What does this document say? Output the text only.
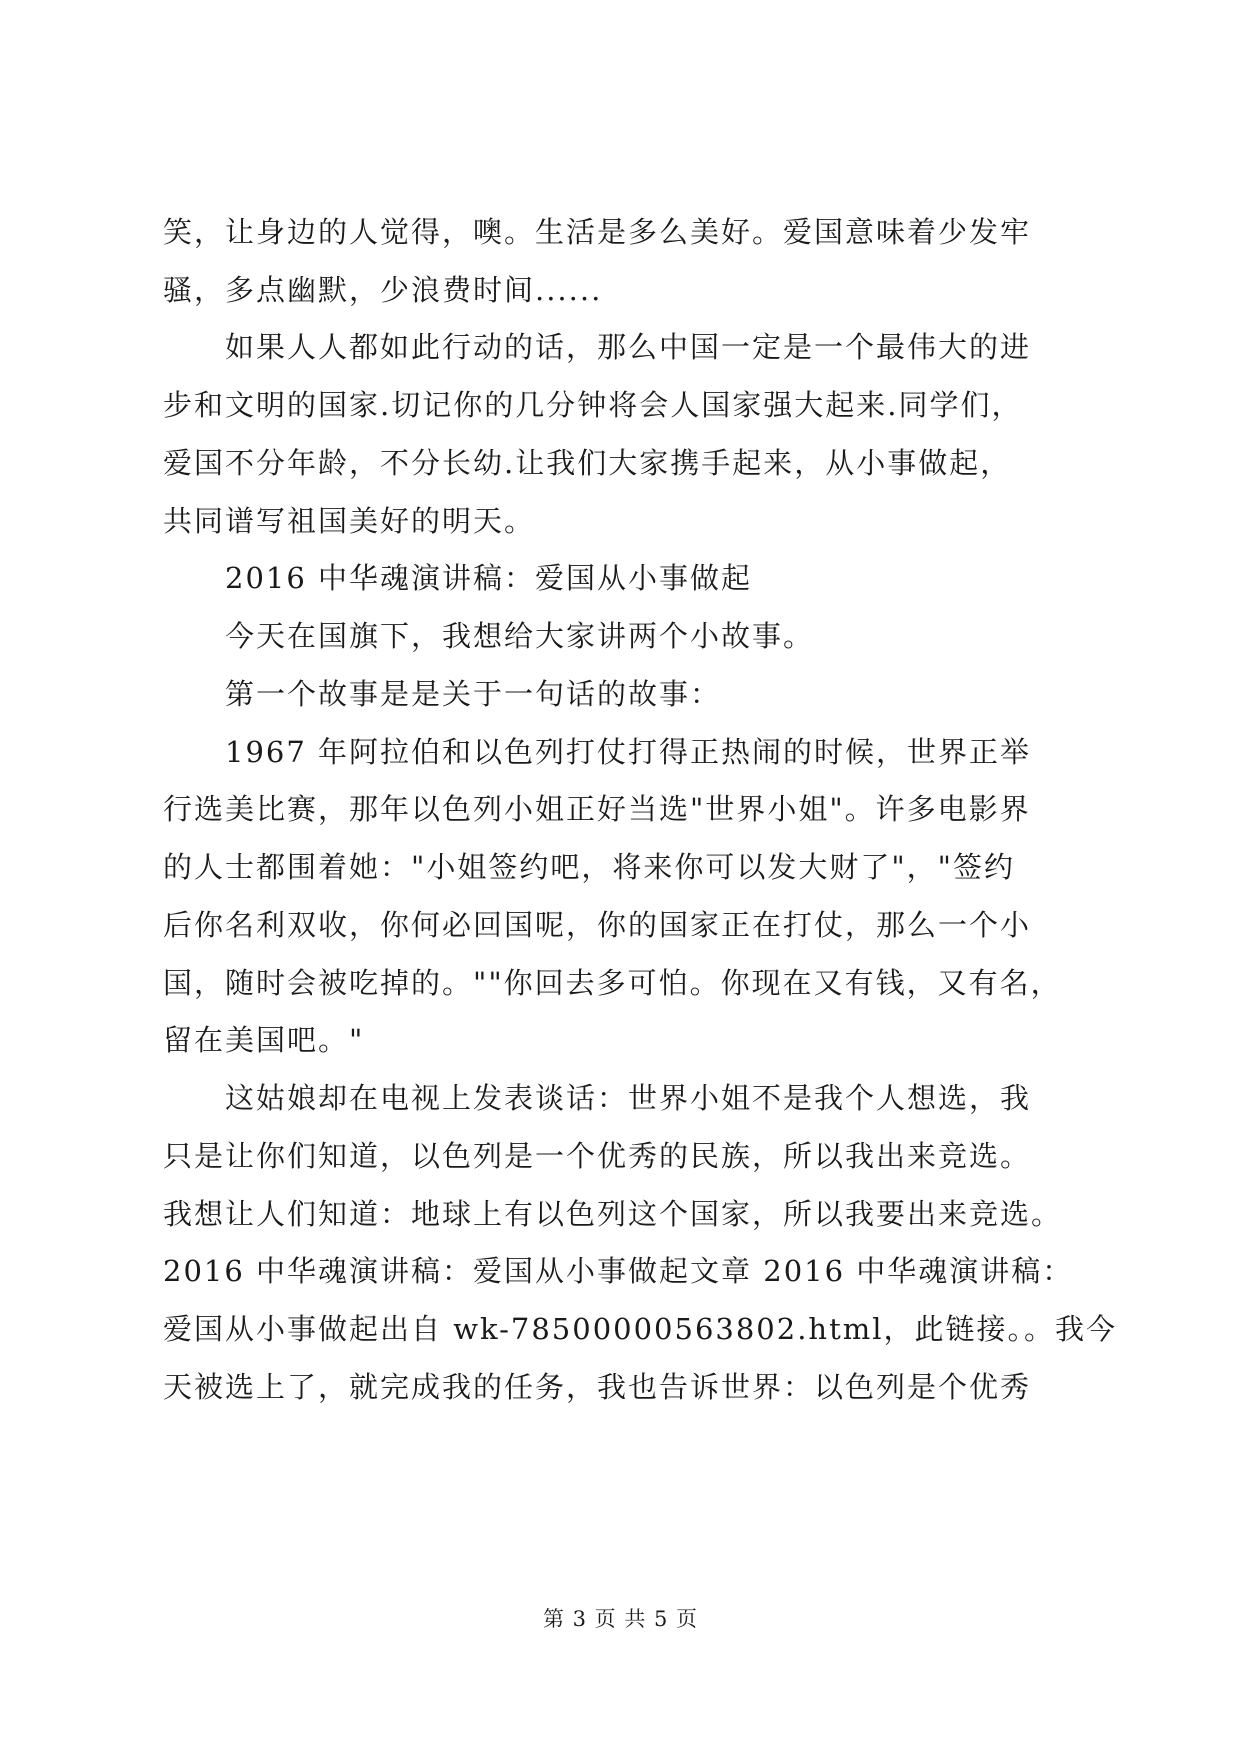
笑，让身边的人觉得，噢。生活是多么美好。爱国意味着少发牢
骚，多点幽默，少浪费时间......
　　如果人人都如此行动的话，那么中国一定是一个最伟大的进
步和文明的国家.切记你的几分钟将会人国家强大起来.同学们，
爱国不分年龄，不分长幼.让我们大家携手起来，从小事做起，
共同谱写祖国美好的明天。
　　2016 中华魂演讲稿：爱国从小事做起
　　今天在国旗下，我想给大家讲两个小故事。
　　第一个故事是是关于一句话的故事：
　　1967 年阿拉伯和以色列打仗打得正热闹的时候，世界正举
行选美比赛，那年以色列小姐正好当选"世界小姐"。许多电影界
的人士都围着她："小姐签约吧，将来你可以发大财了"，"签约
后你名利双收，你何必回国呢，你的国家正在打仗，那么一个小
国，随时会被吃掉的。""你回去多可怕。你现在又有钱，又有名，
留在美国吧。"
　　这姑娘却在电视上发表谈话：世界小姐不是我个人想选，我
只是让你们知道，以色列是一个优秀的民族，所以我出来竞选。
我想让人们知道：地球上有以色列这个国家，所以我要出来竞选。
2016 中华魂演讲稿：爱国从小事做起文章 2016 中华魂演讲稿：
爱国从小事做起出自 wk-78500000563802.html，此链接。。我今
天被选上了，就完成我的任务，我也告诉世界：以色列是个优秀
第 3 页 共 5 页
